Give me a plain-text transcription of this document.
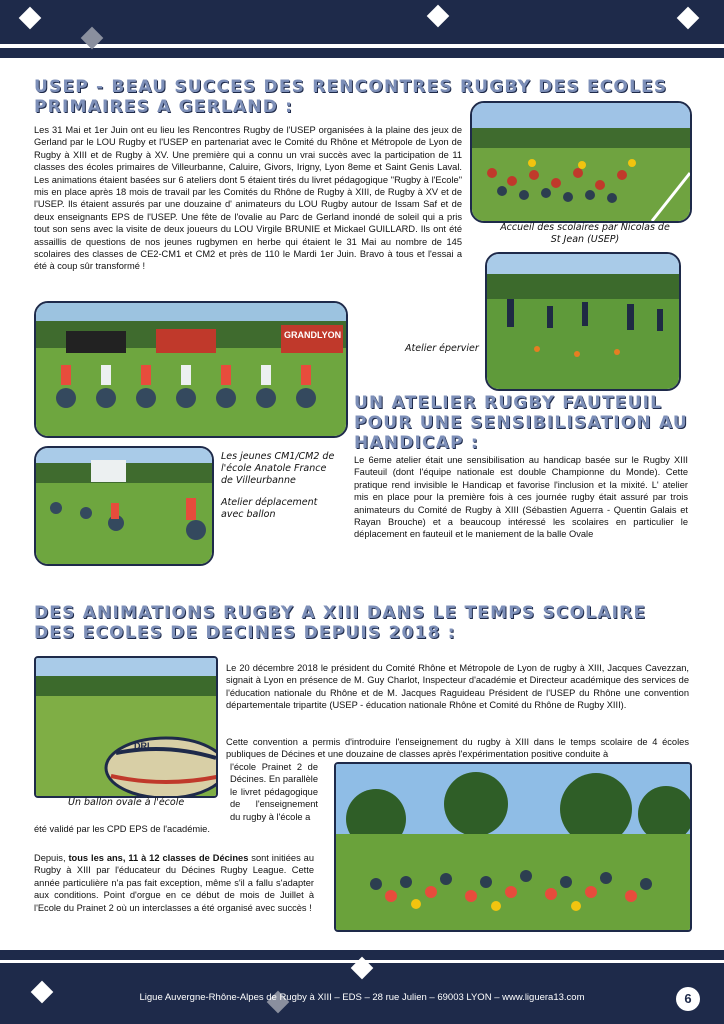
USEP - BEAU SUCCES DES RENCONTRES RUGBY DES ECOLES PRIMAIRES A GERLAND :

Les 31 Mai et 1er Juin ont eu lieu les Rencontres Rugby de l'USEP organisées à la plaine des jeux de Gerland par le LOU Rugby et l'USEP en partenariat avec le Comité du Rhône et Métropole de Lyon de Rugby à XIII et de Rugby à XV. Une première qui a connu un vrai succès avec la participation de 11 classes des écoles primaires de Villeurbanne, Caluire, Givors, Irigny, Lyon 8eme et Saint Genis Laval. Les animations étaient basées sur 6 ateliers dont 5 étaient tirés du livret pédagogique "Rugby à l'Ecole" mis en place après 18 mois de travail par les Comités du Rhône de Rugby à XIII, de Rugby à XV et de l'USEP. Ils étaient assurés par une douzaine d' animateurs du LOU Rugby autour de Issam Saf et de deux enseignants EPS de l'USEP. Une fête de l'ovalie au Parc de Gerland inondé de soleil qui a pris tout son sens avec la visite de deux joueurs du LOU Virgile BRUNIE et Mickael GUILLARD. Ils ont été assaillis de questions de nos jeunes rugbymen en herbe qui étaient le 31 Mai au nombre de 145 scolaires des classes de CE2-CM1 et CM2 et près de 110 le Mardi 1er Juin. Bravo à tous et l'essai a été à coup sûr transformé !

Accueil des scolaires par Nicolas de St Jean (USEP)

Atelier épervier

GRANDLYON

Les jeunes CM1/CM2 de l'école Anatole France de Villeurbanne

Atelier déplacement avec ballon

UN ATELIER RUGBY FAUTEUIL POUR UNE SENSIBILISATION AU HANDICAP :

Le 6eme atelier était une sensibilisation au handicap basée sur le Rugby XIII Fauteuil (dont l'équipe nationale est double Championne du Monde). Cette pratique rend invisible le Handicap et favorise l'inclusion et la mixité. L' atelier mis en place pour la première fois à ces journée rugby était assuré par trois animateurs du Comité de Rugby à XIII (Sébastien Aguerra - Quentin Galais et Rayan Brouche) et a beaucoup intéressé les scolaires en particulier le déplacement en fauteuil et le maniement de la balle Ovale

DES ANIMATIONS RUGBY A XIII DANS LE TEMPS SCOLAIRE DES ECOLES DE DECINES DEPUIS 2018 :
DRL

Un ballon ovale à l'école

Le 20 décembre 2018 le président du Comité Rhône et Métropole de Lyon de rugby à XIII, Jacques Cavezzan, signait à Lyon en présence de M. Guy Charlot, Inspecteur d'académie et Directeur académique des services de l'éducation nationale du Rhône et de M. Jacques Raguideau Président de l'USEP du Rhône une convention départementale tripartite (USEP - éducation nationale Rhône et Comité du Rhône de Rugby XIII).

Cette convention a permis d'introduire l'enseignement du rugby à XIII dans le temps scolaire de 4 écoles publiques de Décines et une douzaine de classes après l'expérimentation positive conduite à

l'école Prainet 2 de Décines. En parallèle le livret pédagogique de l'enseignement du rugby à l'école a

été validé par les CPD EPS de l'académie.

Depuis, tous les ans, 11 à 12 classes de Décines sont initiées au Rugby à XIII par l'éducateur du Décines Rugby League. Cette année particulière n'a pas fait exception, même s'il a fallu s'adapter aux conditions. Point d'orgue en ce début de mois de Juillet à l'Ecole du Prainet 2 où un interclasses a été organisé avec succès !

Ligue Auvergne-Rhône-Alpes de Rugby à XIII – EDS – 28 rue Julien – 69003 LYON – www.liguera13.com	6
